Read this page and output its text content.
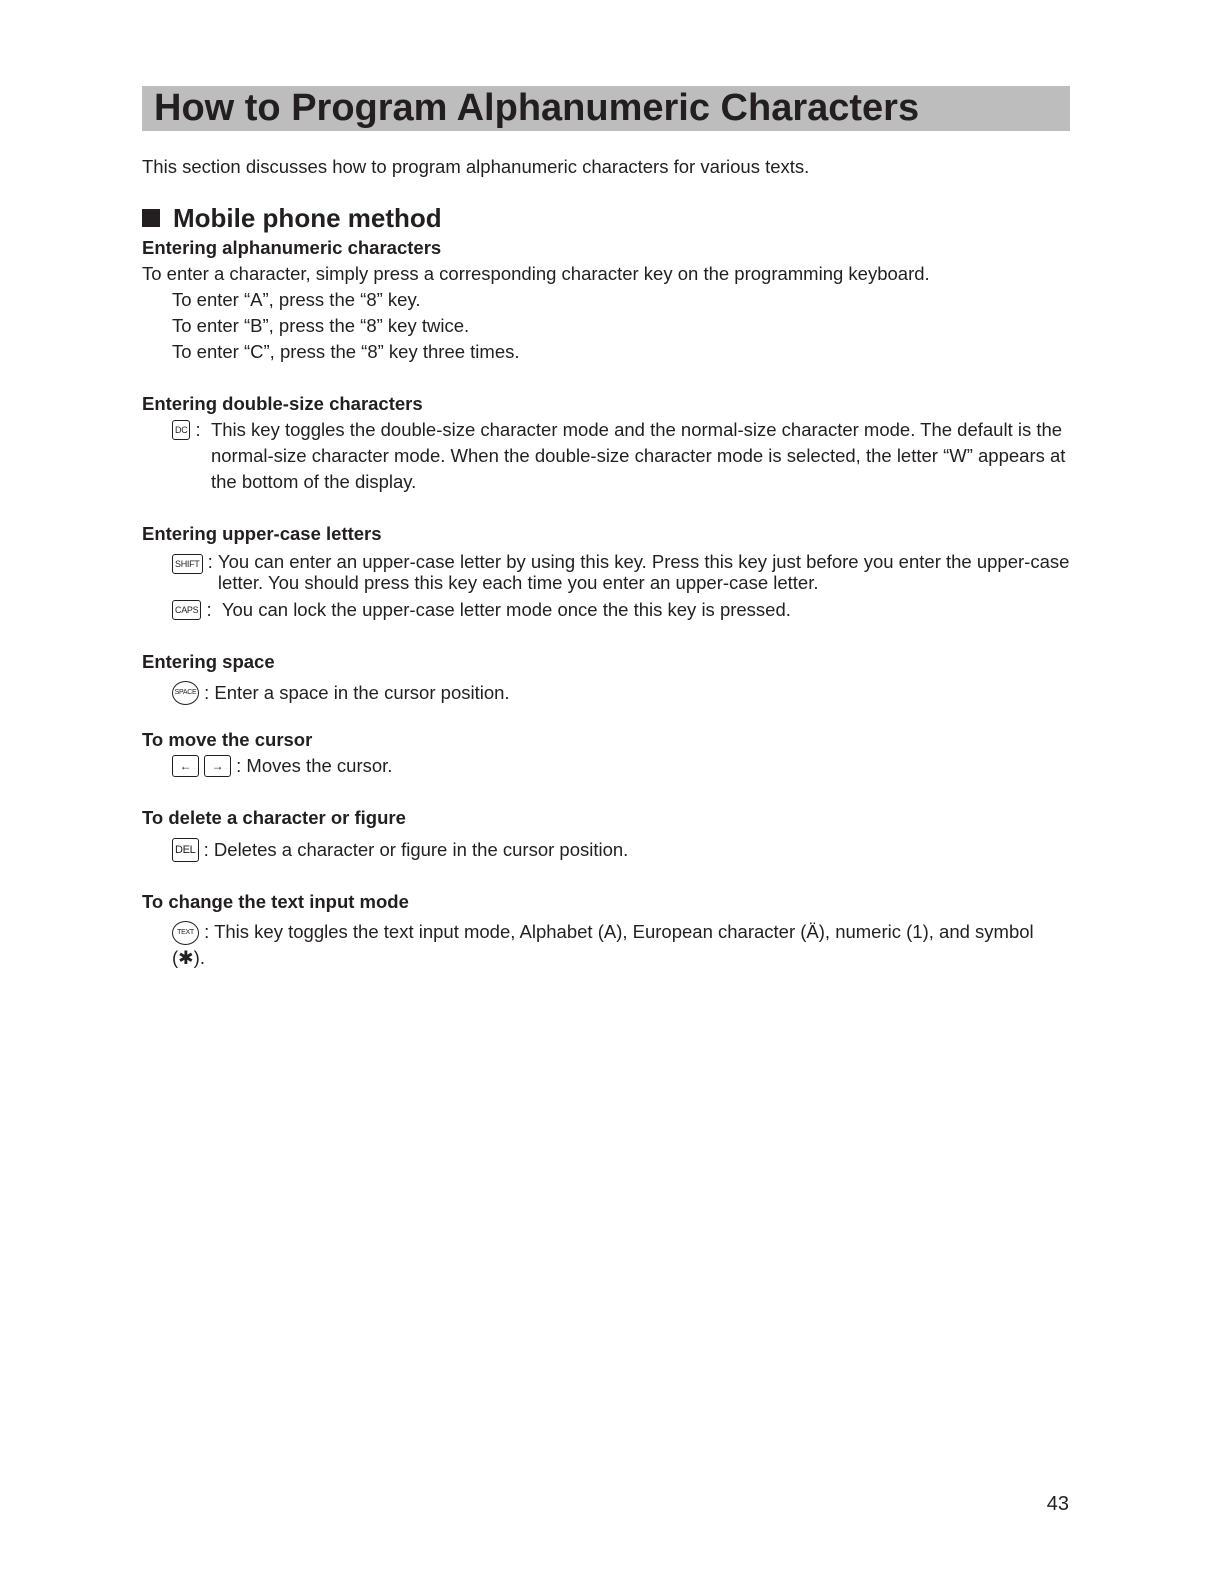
How to Program Alphanumeric Characters
This section discusses how to program alphanumeric characters for various texts.
Mobile phone method
Entering alphanumeric characters
To enter a character, simply press a corresponding character key on the programming keyboard.
To enter “A”, press the “8” key.
To enter “B”, press the “8” key twice.
To enter “C”, press the “8” key three times.
Entering double-size characters
DC : This key toggles the double-size character mode and the normal-size character mode. The default is the normal-size character mode. When the double-size character mode is selected, the letter “W” appears at the bottom of the display.
Entering upper-case letters
SHIFT : You can enter an upper-case letter by using this key. Press this key just before you enter the upper-case letter. You should press this key each time you enter an upper-case letter.
CAPS : You can lock the upper-case letter mode once the this key is pressed.
Entering space
SPACE : Enter a space in the cursor position.
To move the cursor
←	→ : Moves the cursor.
To delete a character or figure
DEL : Deletes a character or figure in the cursor position.
To change the text input mode
TEXT : This key toggles the text input mode, Alphabet (A), European character (Ä), numeric (1), and symbol (✱).
43
